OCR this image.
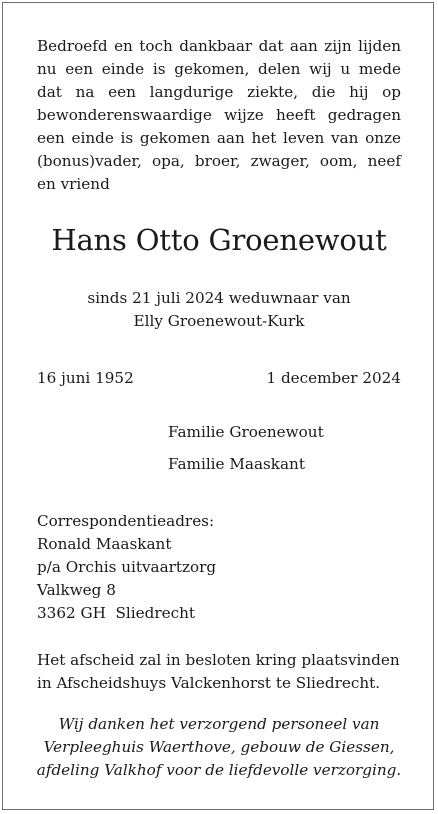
Bedroefd en toch dankbaar dat aan zijn lijden
nu een einde is gekomen, delen wij u mede
dat na een langdurige ziekte, die hij op
bewonderenswaardige wijze heeft gedragen
een einde is gekomen aan het leven van onze
(bonus)vader, opa, broer, zwager, oom, neef
en vriend

Hans Otto Groenewout
sinds 21 juli 2024 weduwnaar van
Elly Groenewout-Kurk
16 juni 1952	1 december 2024
Familie Groenewout
Familie Maaskant
Correspondentieadres:
Ronald Maaskant
p/a Orchis uitvaartzorg
Valkweg 8
3362 GH  Sliedrecht
Het afscheid zal in besloten kring plaatsvinden
in Afscheidshuys Valckenhorst te Sliedrecht.
Wij danken het verzorgend personeel van
Verpleeghuis Waerthove, gebouw de Giessen,
afdeling Valkhof voor de liefdevolle verzorging.
